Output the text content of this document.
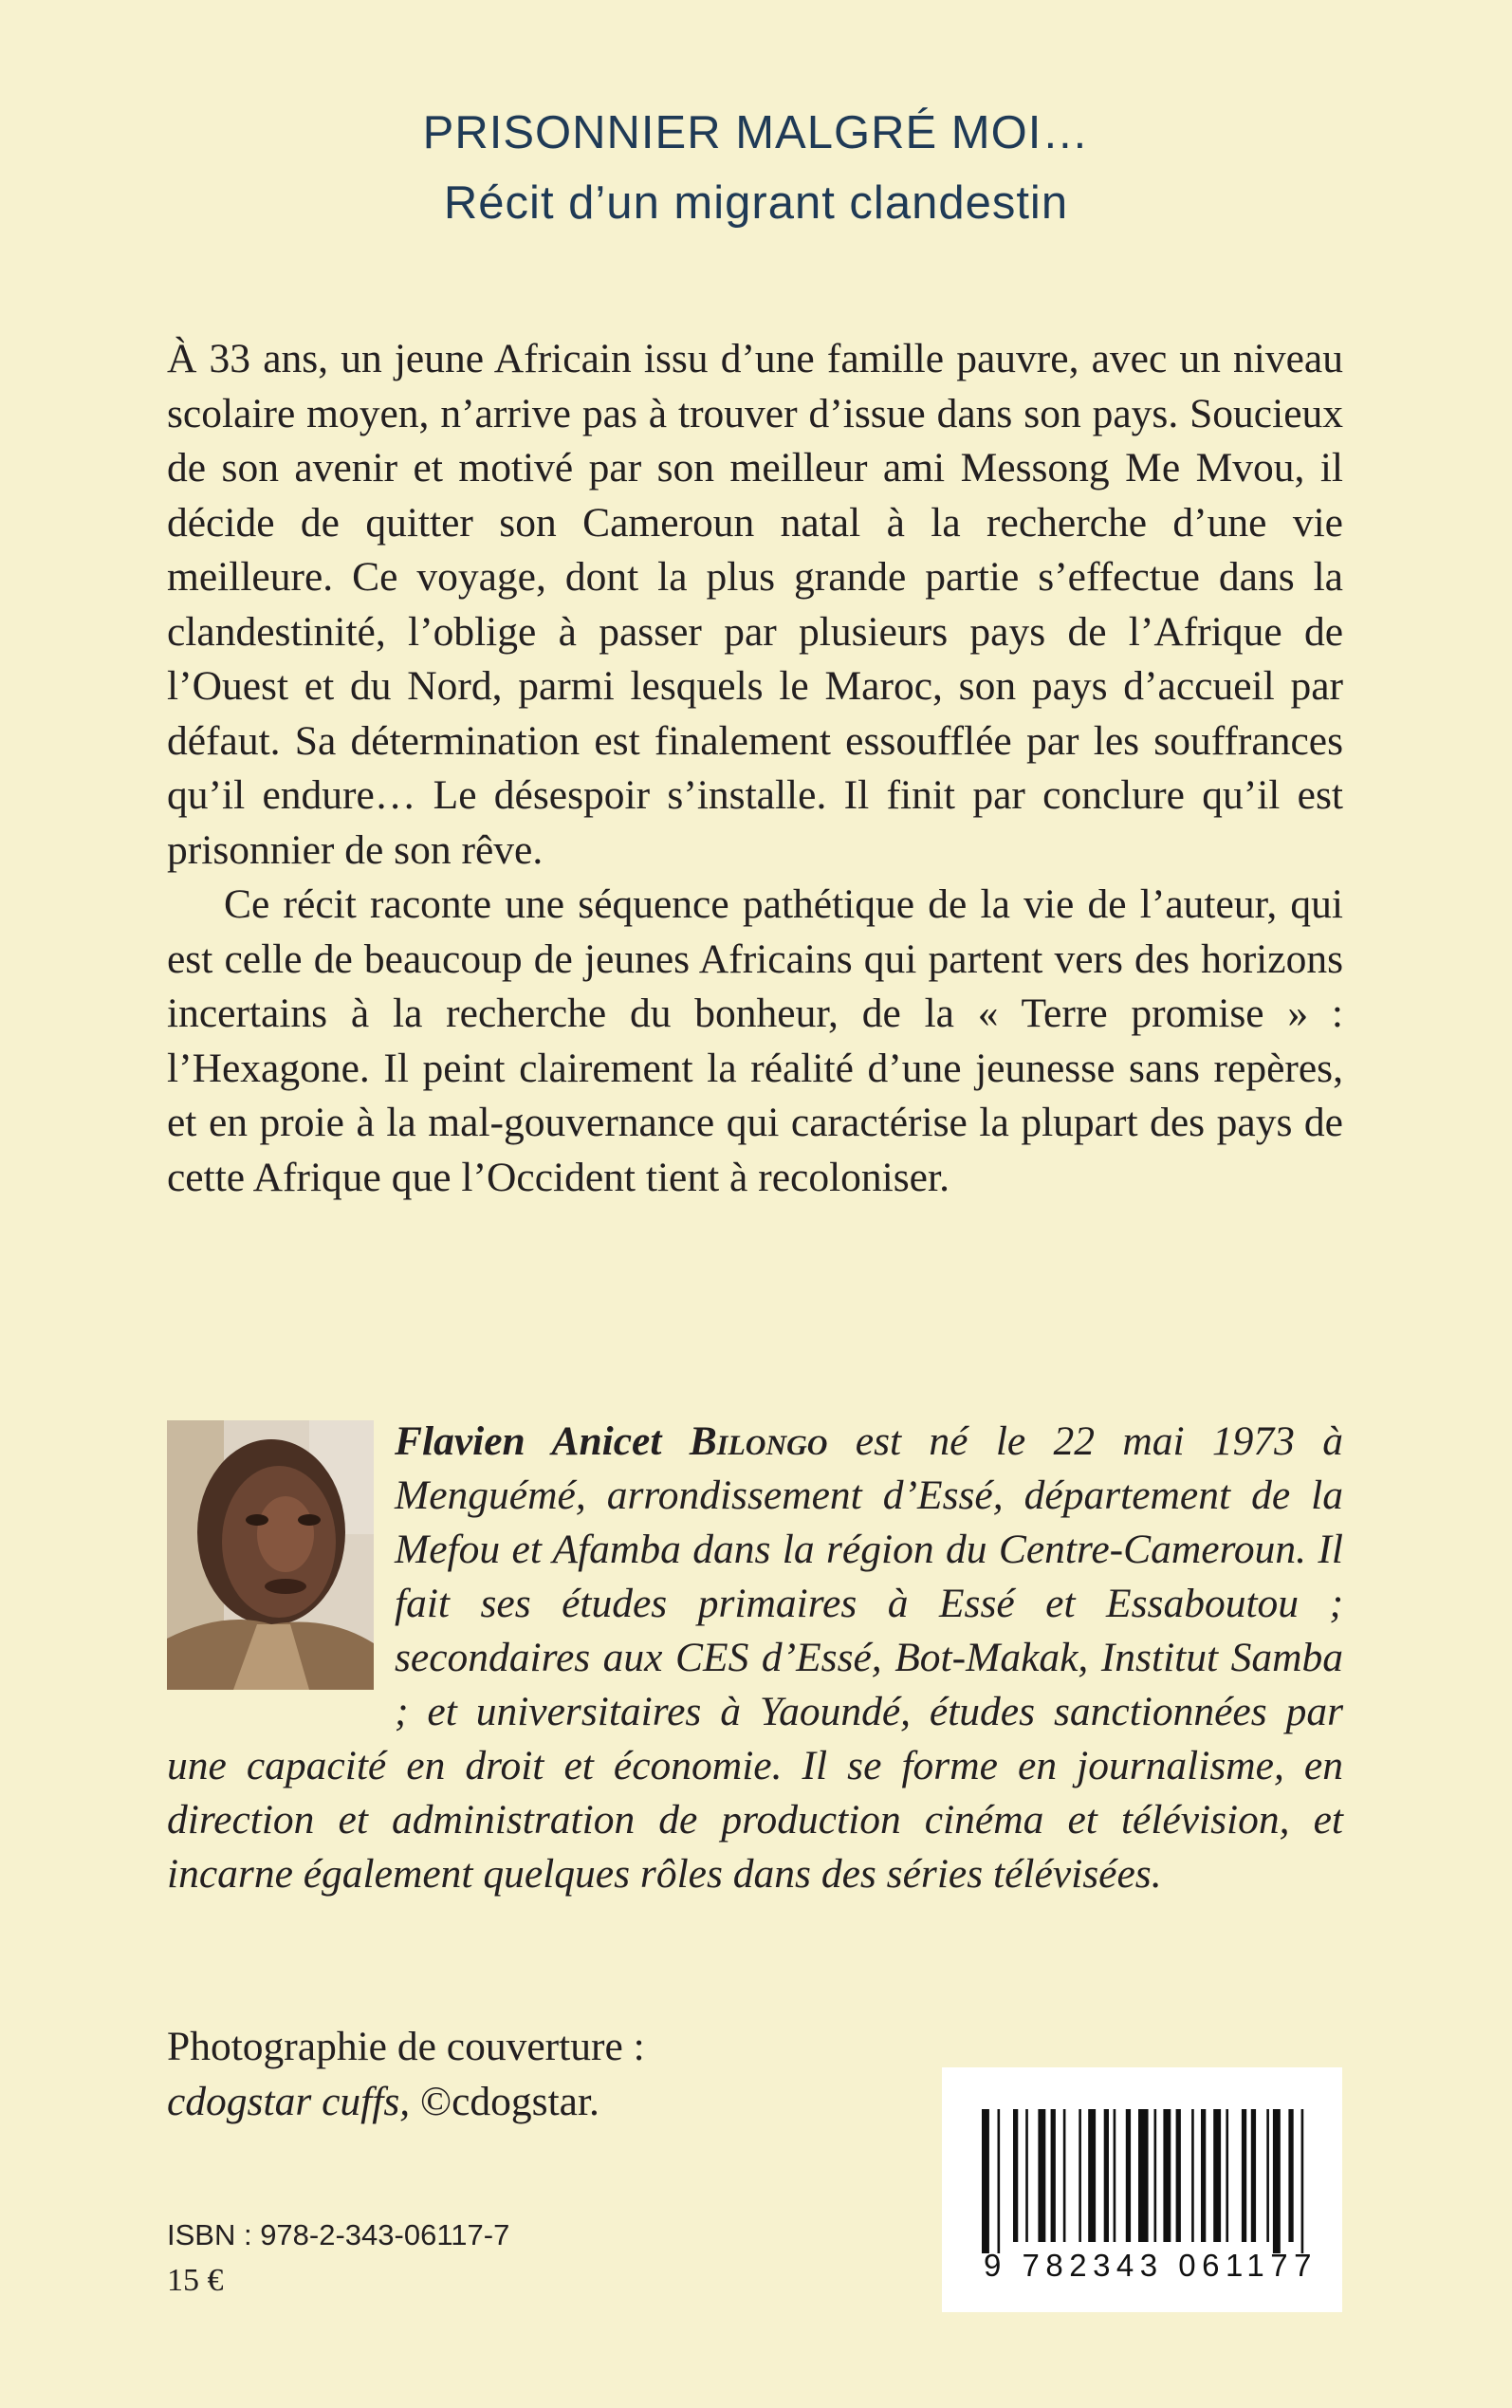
PRISONNIER MALGRÉ MOI…
Récit d’un migrant clandestin

À 33 ans, un jeune Africain issu d’une famille pauvre, avec un niveau scolaire moyen, n’arrive pas à trouver d’issue dans son pays. Soucieux de son avenir et motivé par son meilleur ami Messong Me Mvou, il décide de quitter son Cameroun natal à la recherche d’une vie meilleure. Ce voyage, dont la plus grande partie s’effectue dans la clandestinité, l’oblige à passer par plusieurs pays de l’Afrique de l’Ouest et du Nord, parmi lesquels le Maroc, son pays d’accueil par défaut. Sa détermination est finalement essoufflée par les souffrances qu’il endure… Le désespoir s’installe. Il finit par conclure qu’il est prisonnier de son rêve.

Ce récit raconte une séquence pathétique de la vie de l’auteur, qui est celle de beaucoup de jeunes Africains qui partent vers des horizons incertains à la recherche du bonheur, de la « Terre promise » : l’Hexagone. Il peint clairement la réalité d’une jeunesse sans repères, et en proie à la mal-gouvernance qui caractérise la plupart des pays de cette Afrique que l’Occident tient à recoloniser.

Flavien Anicet Bilongo est né le 22 mai 1973 à Menguémé, arrondissement d’Essé, département de la Mefou et Afamba dans la région du Centre-Cameroun. Il fait ses études primaires à Essé et Essaboutou ; secondaires aux CES d’Essé, Bot-Makak, Institut Samba ; et universitaires à Yaoundé, études sanctionnées par une capacité en droit et économie. Il se forme en journalisme, en direction et administration de production cinéma et télévision, et incarne également quelques rôles dans des séries télévisées.
Photographie de couverture :
cdogstar cuffs, ©cdogstar.
ISBN : 978-2-343-06117-7
15 €	9 782343 061177
